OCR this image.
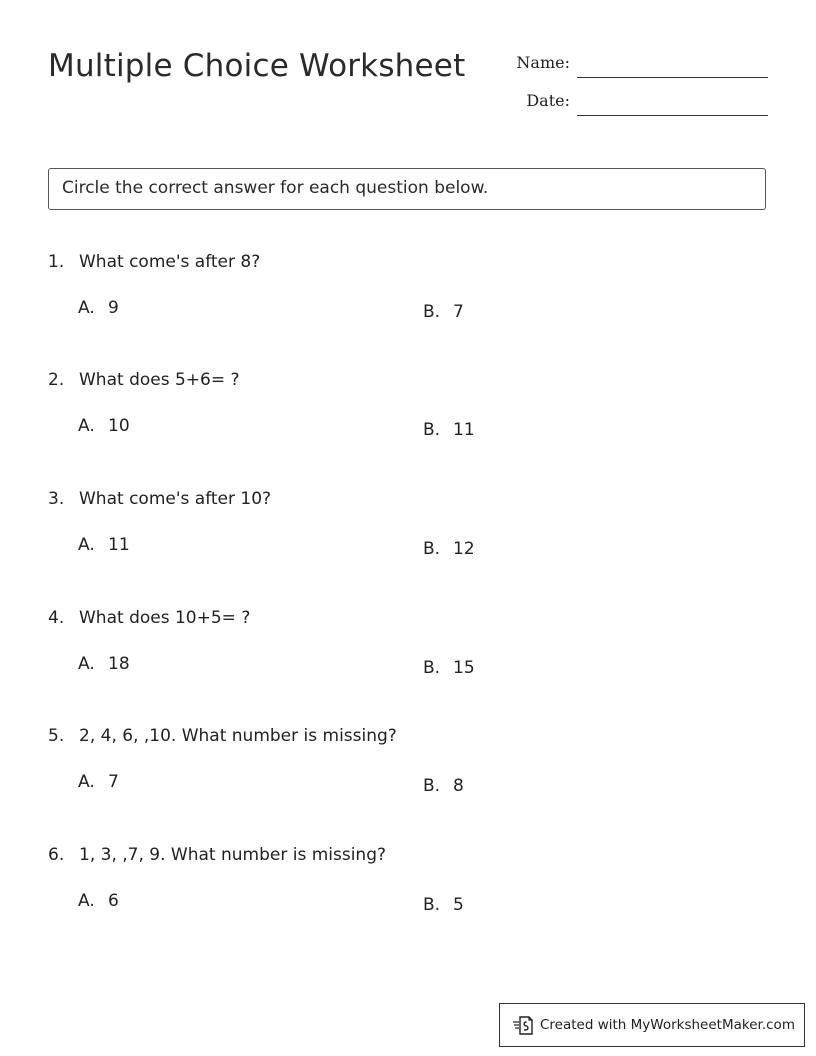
Multiple Choice Worksheet	Name:
Date:
Circle the correct answer for each question below.
1. What come's after 8?
A. 9	B. 7
2. What does 5+6= ?
A. 10	B. 11
3. What come's after 10?
A. 11	B. 12
4. What does 10+5= ?
A. 18	B. 15
5. 2, 4, 6, ,10. What number is missing?
A. 7	B. 8
6. 1, 3, ,7, 9. What number is missing?
A. 6	B. 5
Created with MyWorksheetMaker.com
